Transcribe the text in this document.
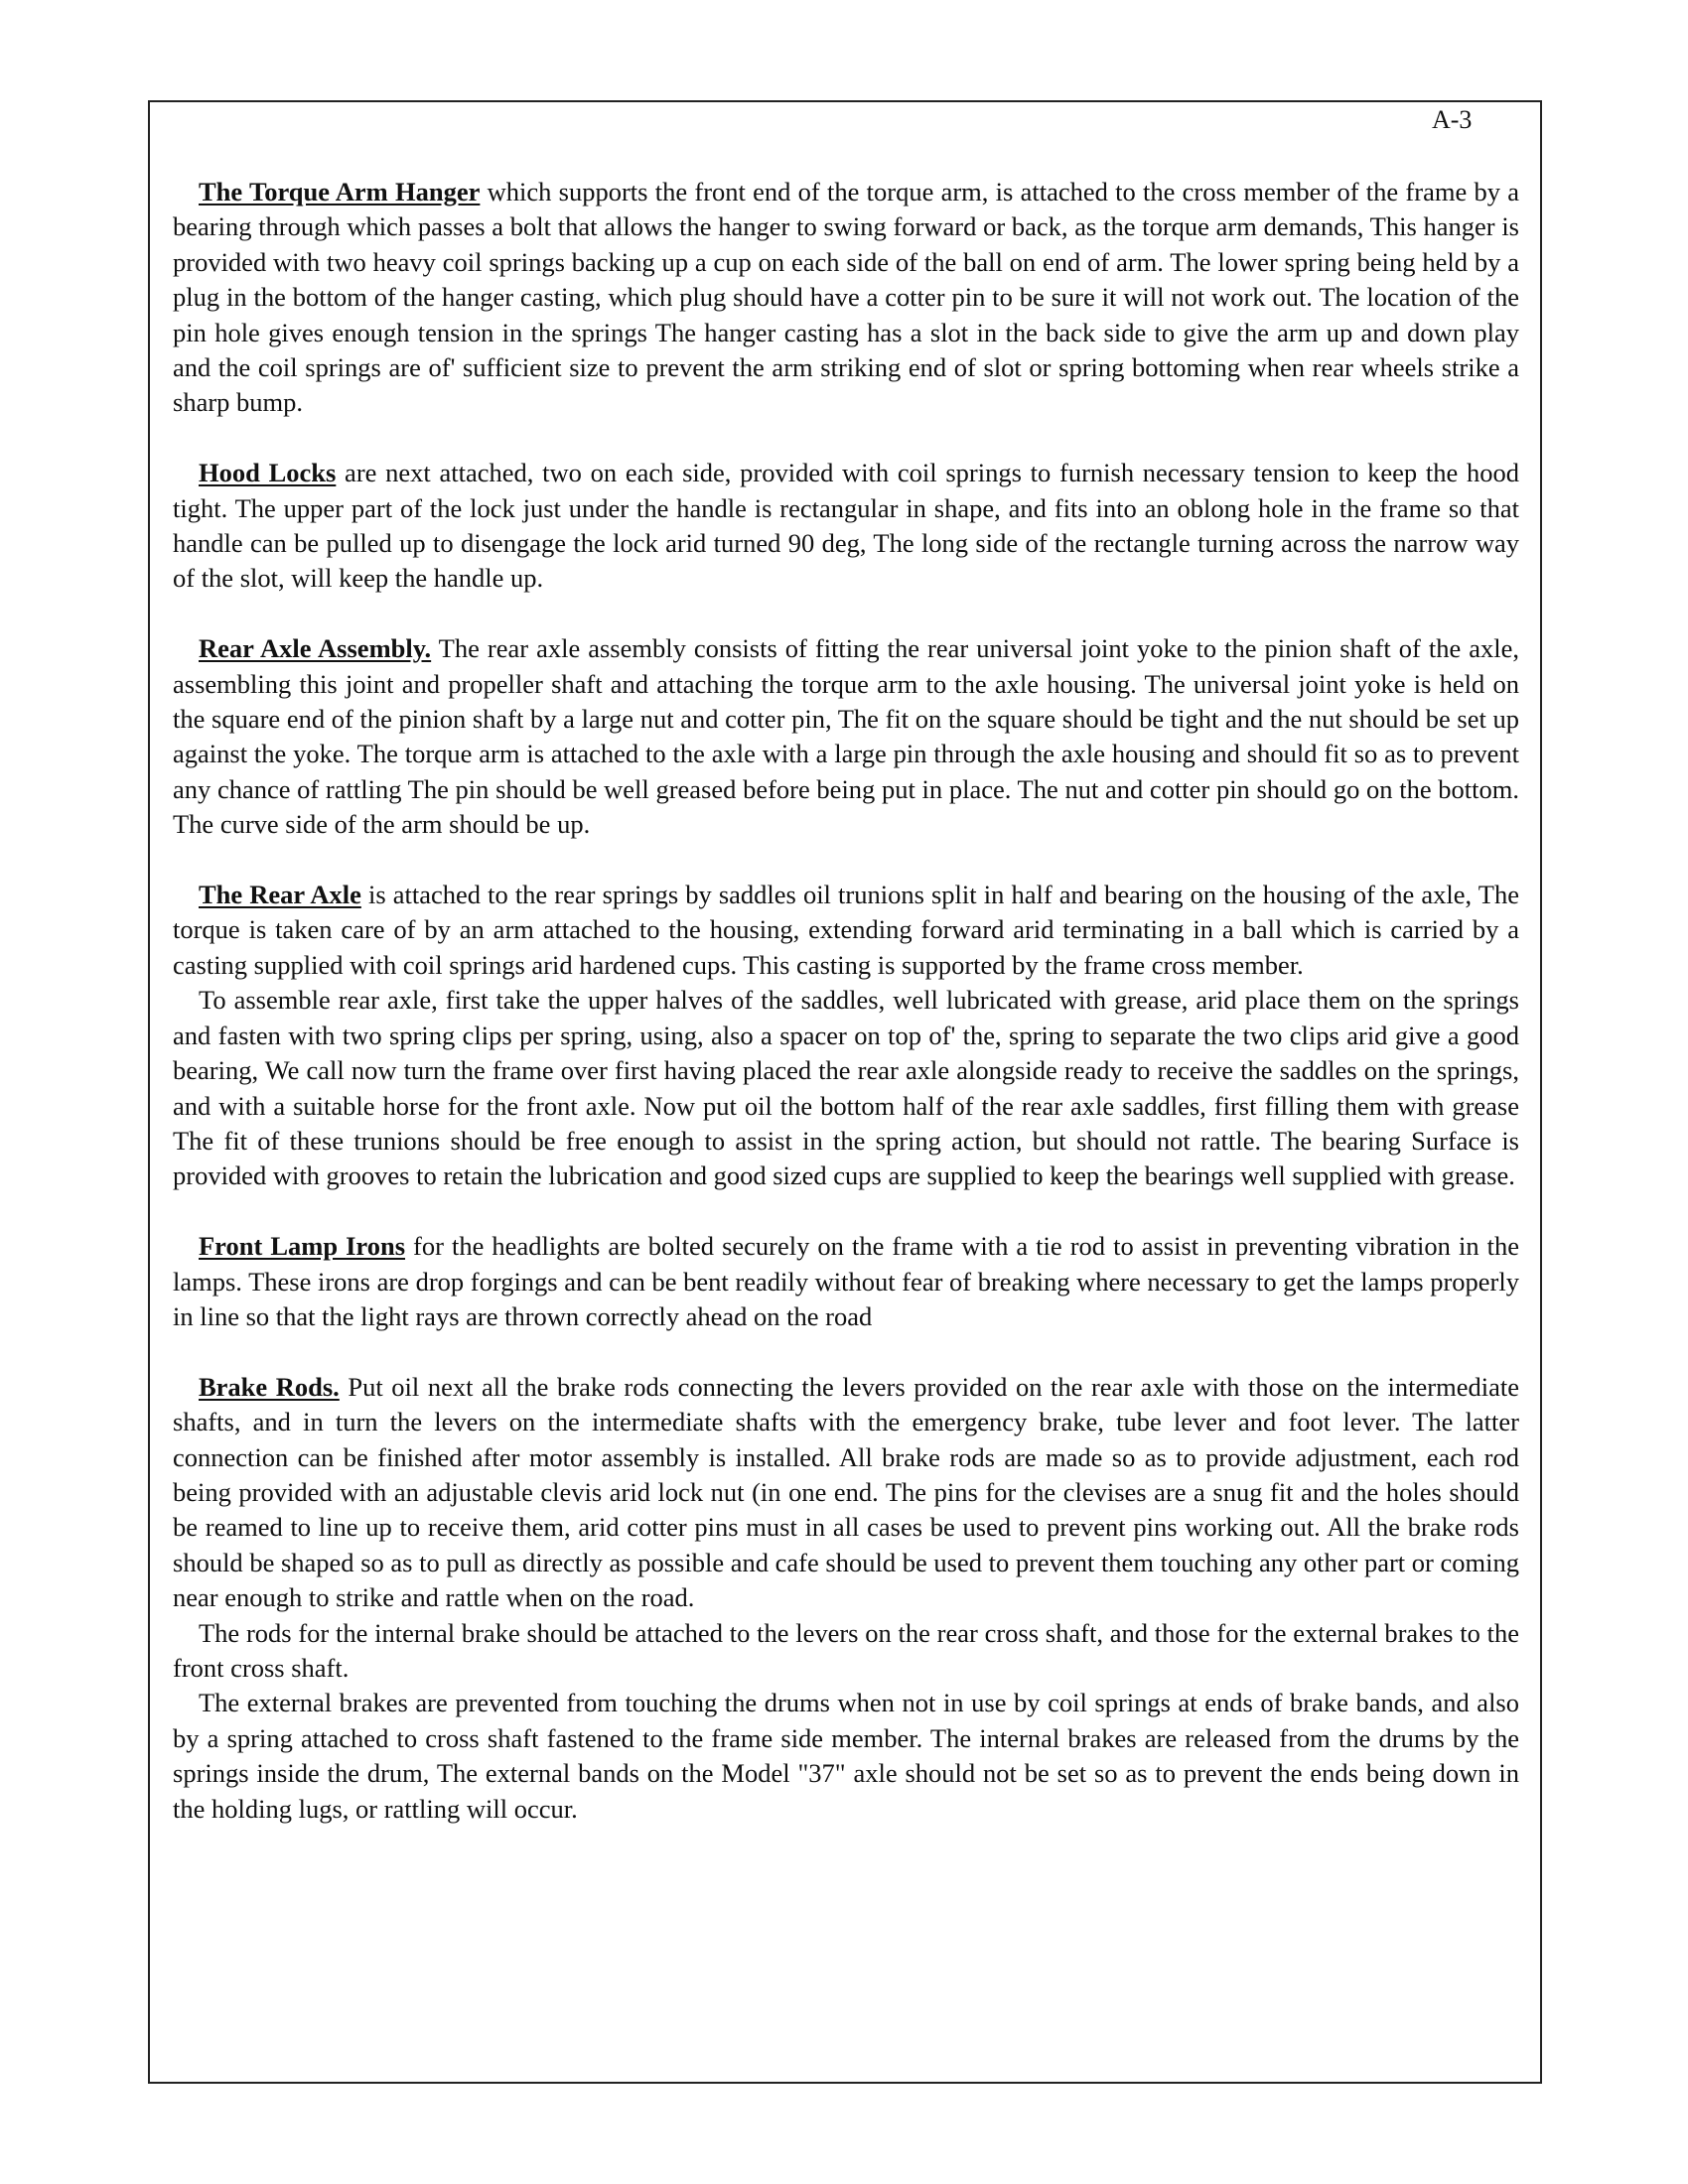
A-3

The Torque Arm Hanger which supports the front end of the torque arm, is attached to the cross member of the frame by a bearing through which passes a bolt that allows the hanger to swing forward or back, as the torque arm demands, This hanger is provided with two heavy coil springs backing up a cup on each side of the ball on end of arm. The lower spring being held by a plug in the bottom of the hanger casting, which plug should have a cotter pin to be sure it will not work out. The location of the pin hole gives enough tension in the springs The hanger casting has a slot in the back side to give the arm up and down play and the coil springs are of' sufficient size to prevent the arm striking end of slot or spring bottoming when rear wheels strike a sharp bump.

Hood Locks are next attached, two on each side, provided with coil springs to furnish necessary tension to keep the hood tight. The upper part of the lock just under the handle is rectangular in shape, and fits into an oblong hole in the frame so that handle can be pulled up to disengage the lock arid turned 90 deg, The long side of the rectangle turning across the narrow way of the slot, will keep the handle up.

Rear Axle Assembly. The rear axle assembly consists of fitting the rear universal joint yoke to the pinion shaft of the axle, assembling this joint and propeller shaft and attaching the torque arm to the axle housing. The universal joint yoke is held on the square end of the pinion shaft by a large nut and cotter pin, The fit on the square should be tight and the nut should be set up against the yoke. The torque arm is attached to the axle with a large pin through the axle housing and should fit so as to prevent any chance of rattling The pin should be well greased before being put in place. The nut and cotter pin should go on the bottom. The curve side of the arm should be up.

The Rear Axle is attached to the rear springs by saddles oil trunions split in half and bearing on the housing of the axle, The torque is taken care of by an arm attached to the housing, extending forward arid terminating in a ball which is carried by a casting supplied with coil springs arid hardened cups. This casting is supported by the frame cross member.

To assemble rear axle, first take the upper halves of the saddles, well lubricated with grease, arid place them on the springs and fasten with two spring clips per spring, using, also a spacer on top of' the, spring to separate the two clips arid give a good bearing, We call now turn the frame over first having placed the rear axle alongside ready to receive the saddles on the springs, and with a suitable horse for the front axle. Now put oil the bottom half of the rear axle saddles, first filling them with grease The fit of these trunions should be free enough to assist in the spring action, but should not rattle. The bearing Surface is provided with grooves to retain the lubrication and good sized cups are supplied to keep the bearings well supplied with grease.

Front Lamp Irons for the headlights are bolted securely on the frame with a tie rod to assist in preventing vibration in the lamps. These irons are drop forgings and can be bent readily without fear of breaking where necessary to get the lamps properly in line so that the light rays are thrown correctly ahead on the road

Brake Rods. Put oil next all the brake rods connecting the levers provided on the rear axle with those on the intermediate shafts, and in turn the levers on the intermediate shafts with the emergency brake, tube lever and foot lever. The latter connection can be finished after motor assembly is installed. All brake rods are made so as to provide adjustment, each rod being provided with an adjustable clevis arid lock nut (in one end. The pins for the clevises are a snug fit and the holes should be reamed to line up to receive them, arid cotter pins must in all cases be used to prevent pins working out. All the brake rods should be shaped so as to pull as directly as possible and cafe should be used to prevent them touching any other part or coming near enough to strike and rattle when on the road.

The rods for the internal brake should be attached to the levers on the rear cross shaft, and those for the external brakes to the front cross shaft.

The external brakes are prevented from touching the drums when not in use by coil springs at ends of brake bands, and also by a spring attached to cross shaft fastened to the frame side member. The internal brakes are released from the drums by the springs inside the drum, The external bands on the Model "37" axle should not be set so as to prevent the ends being down in the holding lugs, or rattling will occur.
